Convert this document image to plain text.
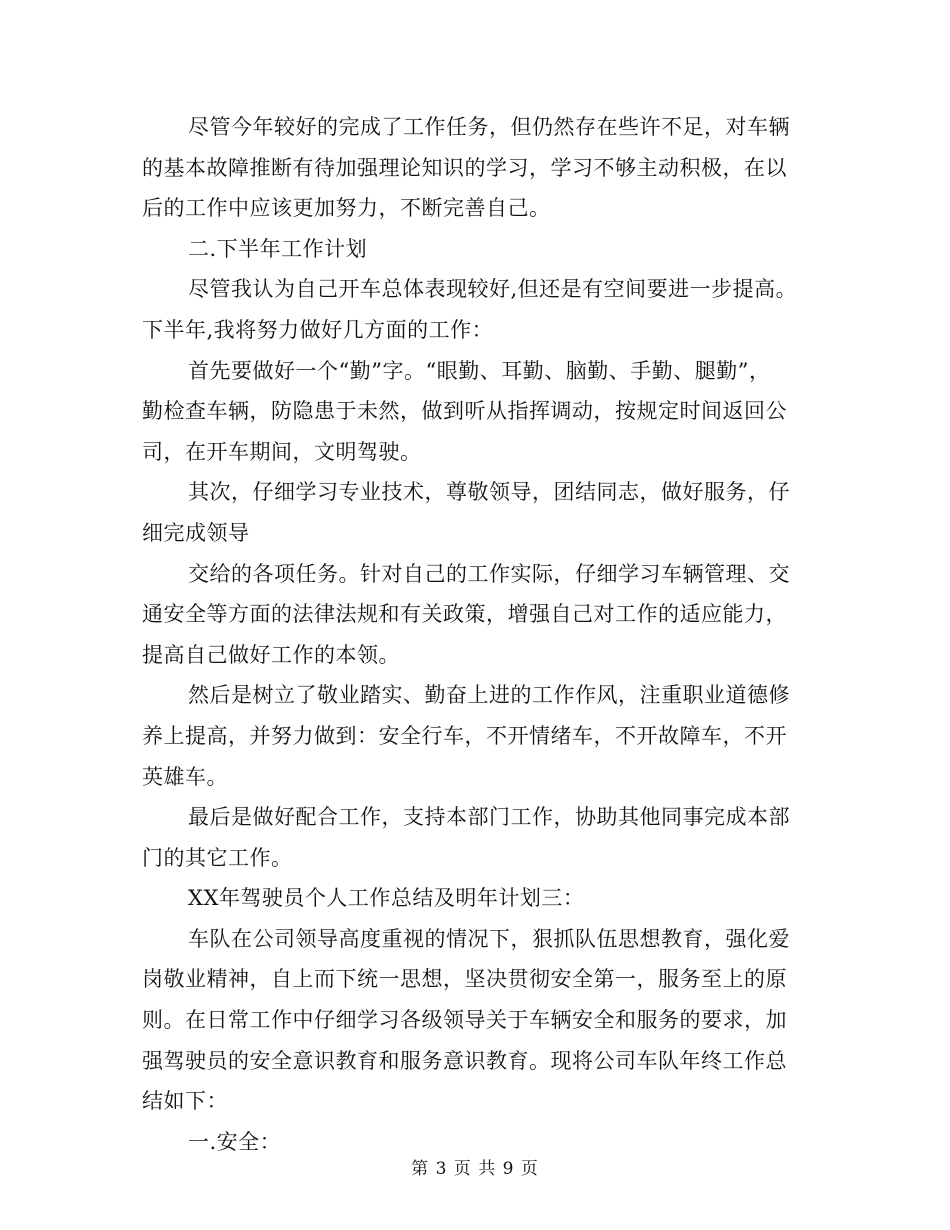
尽管今年较好的完成了工作任务，但仍然存在些许不足，对车辆
的基本故障推断有待加强理论知识的学习，学习不够主动积极，在以
后的工作中应该更加努力，不断完善自己。
二.下半年工作计划
尽管我认为自己开车总体表现较好,但还是有空间要进一步提高。
下半年,我将努力做好几方面的工作：
首先要做好一个“勤”字。“眼勤、耳勤、脑勤、手勤、腿勤”，
勤检查车辆，防隐患于未然，做到听从指挥调动，按规定时间返回公
司，在开车期间，文明驾驶。
其次，仔细学习专业技术，尊敬领导，团结同志，做好服务，仔
细完成领导
交给的各项任务。针对自己的工作实际，仔细学习车辆管理、交
通安全等方面的法律法规和有关政策，增强自己对工作的适应能力，
提高自己做好工作的本领。
然后是树立了敬业踏实、勤奋上进的工作作风，注重职业道德修
养上提高，并努力做到：安全行车，不开情绪车，不开故障车，不开
英雄车。
最后是做好配合工作，支持本部门工作，协助其他同事完成本部
门的其它工作。
XX年驾驶员个人工作总结及明年计划三：
车队在公司领导高度重视的情况下，狠抓队伍思想教育，强化爱
岗敬业精神，自上而下统一思想，坚决贯彻安全第一，服务至上的原
则。在日常工作中仔细学习各级领导关于车辆安全和服务的要求，加
强驾驶员的安全意识教育和服务意识教育。现将公司车队年终工作总
结如下：
一.安全：
第 3 页 共 9 页
